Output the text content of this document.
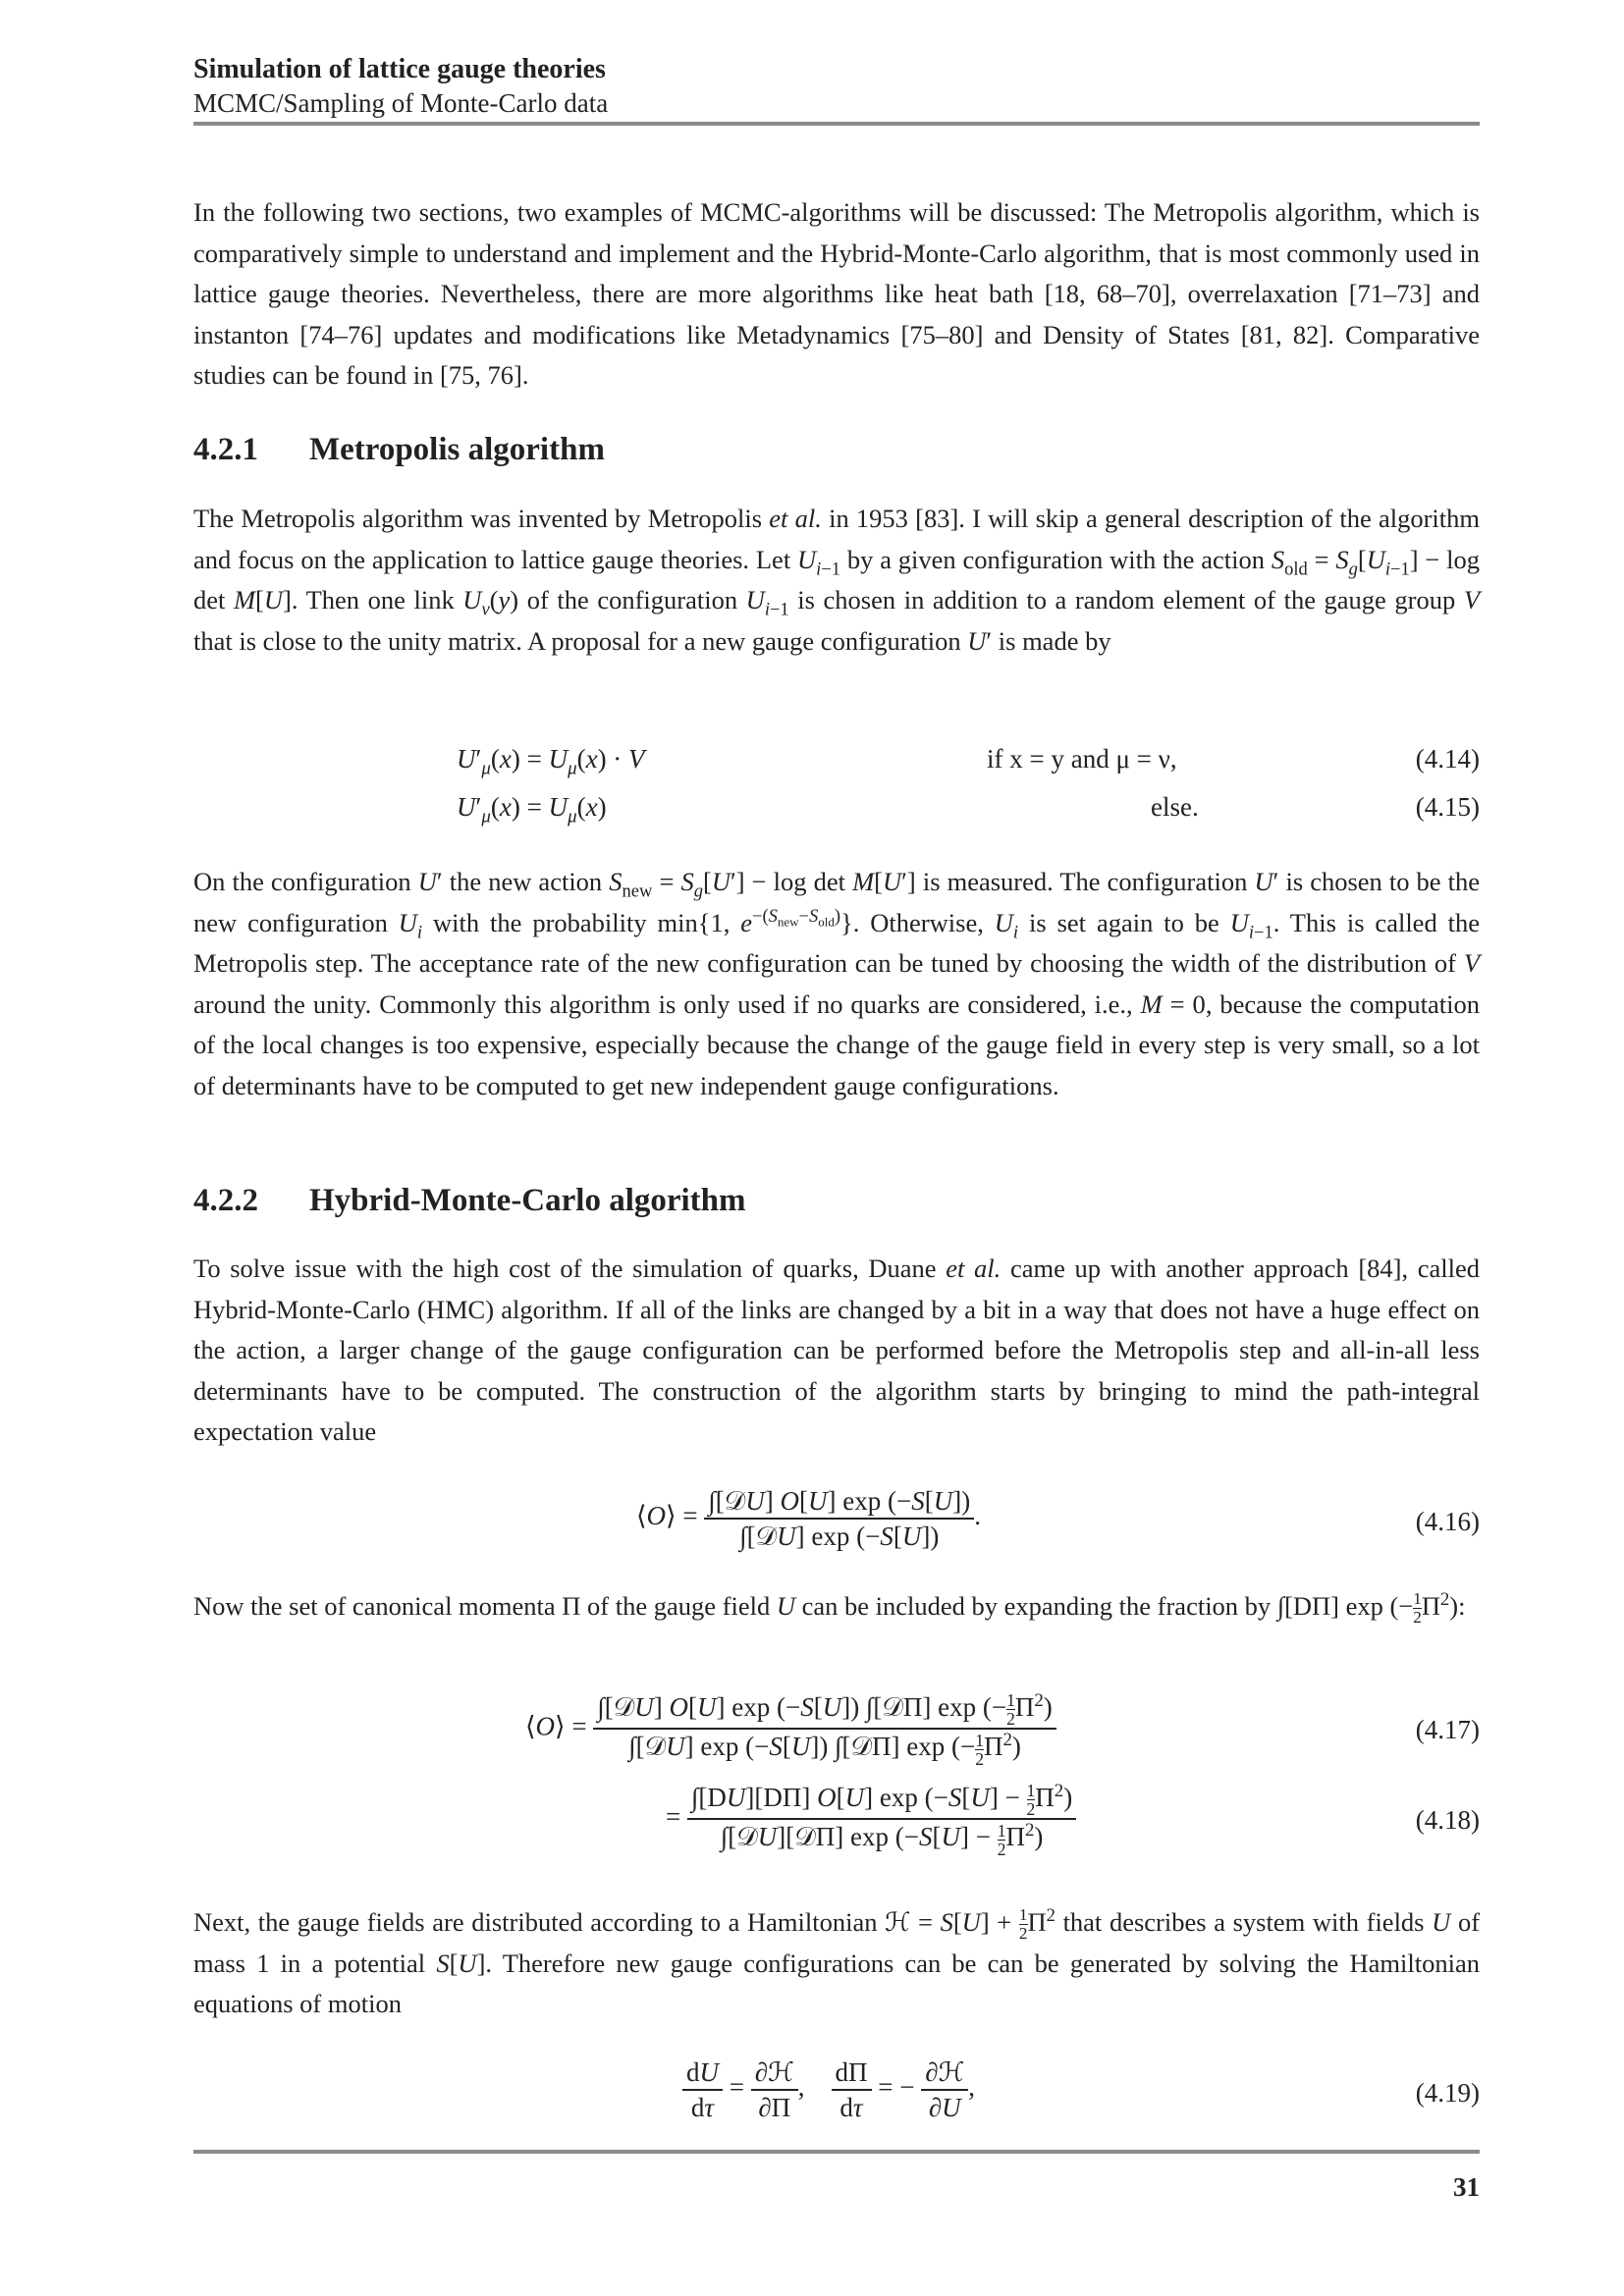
Simulation of lattice gauge theories
MCMC/Sampling of Monte-Carlo data

In the following two sections, two examples of MCMC-algorithms will be discussed: The Metropolis algorithm, which is comparatively simple to understand and implement and the Hybrid-Monte-Carlo algorithm, that is most commonly used in lattice gauge theories. Nevertheless, there are more algorithms like heat bath [18, 68–70], overrelaxation [71–73] and instanton [74–76] updates and modifications like Metadynamics [75–80] and Density of States [81, 82]. Comparative studies can be found in [75, 76].

4.2.1 Metropolis algorithm

The Metropolis algorithm was invented by Metropolis et al. in 1953 [83]. I will skip a general description of the algorithm and focus on the application to lattice gauge theories. Let $U_{i-1}$ by a given configuration with the action $S_{old} = S_g[U_{i-1}] - \log \det M[U]$. Then one link $U_\nu(y)$ of the configuration $U_{i-1}$ is chosen in addition to a random element of the gauge group V that is close to the unity matrix. A proposal for a new gauge configuration U′ is made by

$U'_\mu(x) = U_\mu(x) \cdot V$	if x = y and μ = ν,	(4.14)
$U'_\mu(x) = U_\mu(x)$	else.	(4.15)

On the configuration U′ the new action $S_{new} = S_g[U'] - \log \det M[U']$ is measured. The configuration U′ is chosen to be the new configuration $U_i$ with the probability min{1, $e^{-(S_{new}-S_{old})}$}. Otherwise, $U_i$ is set again to be $U_{i-1}$. This is called the Metropolis step. The acceptance rate of the new configuration can be tuned by choosing the width of the distribution of V around the unity. Commonly this algorithm is only used if no quarks are considered, i.e., M = 0, because the computation of the local changes is too expensive, especially because the change of the gauge field in every step is very small, so a lot of determinants have to be computed to get new independent gauge configurations.

4.2.2 Hybrid-Monte-Carlo algorithm

To solve issue with the high cost of the simulation of quarks, Duane et al. came up with another approach [84], called Hybrid-Monte-Carlo (HMC) algorithm. If all of the links are changed by a bit in a way that does not have a huge effect on the action, a larger change of the gauge configuration can be performed before the Metropolis step and all-in-all less determinants have to be computed. The construction of the algorithm starts by bringing to mind the path-integral expectation value

⟨O⟩ = $\frac{\text{∫[𝒟U] O[U] exp (−S[U])}}{\text{∫[𝒟U] exp (−S[U])}}$ .	(4.16)

Now the set of canonical momenta Π of the gauge field U can be included by expanding the fraction by ∫[DΠ] exp (− $\frac{1}{2} \Pi^2$):

⟨O⟩ = $\frac{\int[𝒟U] O[U] \exp (-S[U]) \int[𝒟\Pi] \exp (- \frac{1}{2} \Pi^2)}{\int[𝒟U] \exp (-S[U]) \int[𝒟\Pi] \exp (- \frac{1}{2} \Pi^2)}$	(4.17)
= $\frac{\int[DU][D\Pi] O[U] \exp (-S[U] - \frac{1}{2} \Pi^2)}{\int[𝒟U][𝒟\Pi] \exp (-S[U] - \frac{1}{2} \Pi^2)}$	(4.18)

Next, the gauge fields are distributed according to a Hamiltonian ℋ = $S[U] + \frac{1}{2} \Pi^2$ that describes a system with fields U of mass 1 in a potential S[U]. Therefore new gauge configurations can be can be generated by solving the Hamiltonian equations of motion

$\frac{dU}{d\tau} = \frac{\text{∂ℋ}}{\partial\Pi}$ , $\frac{d\Pi}{d\tau}$ = − $\frac{\text{∂ℋ}}{\partial U}$ ,	(4.19)
31
